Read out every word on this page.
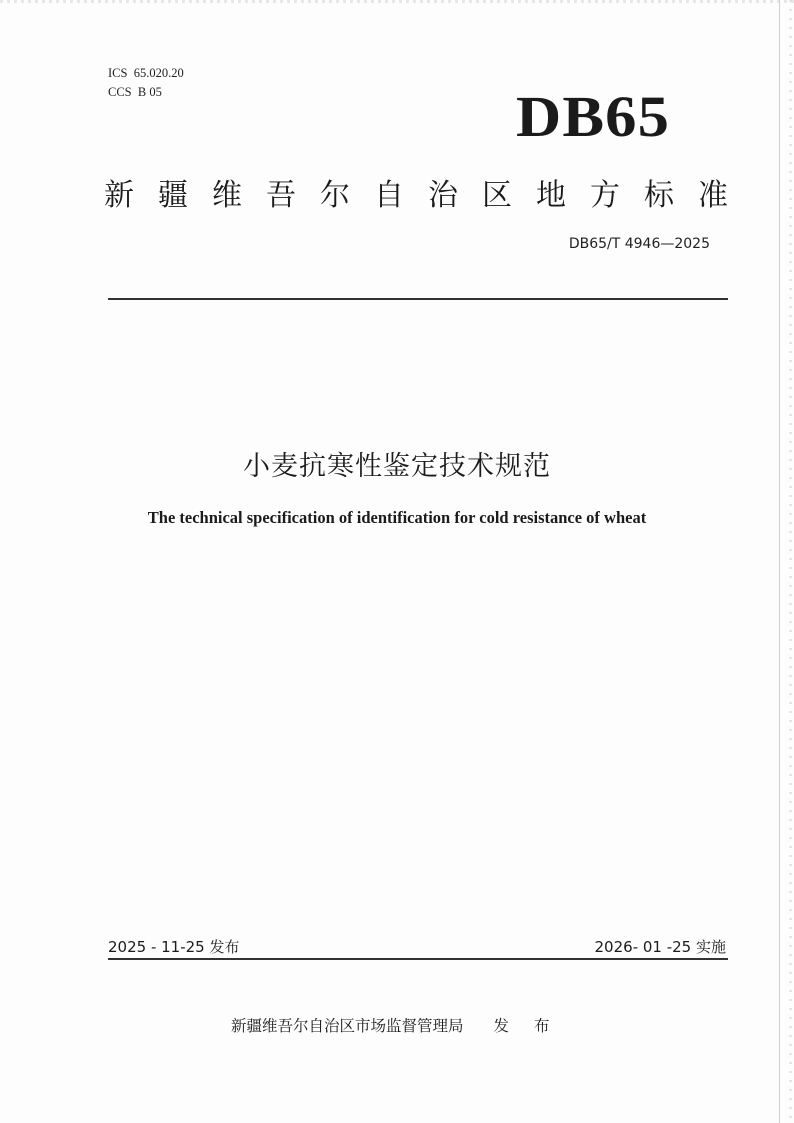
ICS  65.020.20
CCS  B 05	DB65
新疆维吾尔自治区地方标准
DB65/T 4946—2025
小麦抗寒性鉴定技术规范
The technical specification of identification for cold resistance of wheat
2025 - 11-25 发布	2026- 01 -25 实施
新疆维吾尔自治区市场监督管理局 发 布
